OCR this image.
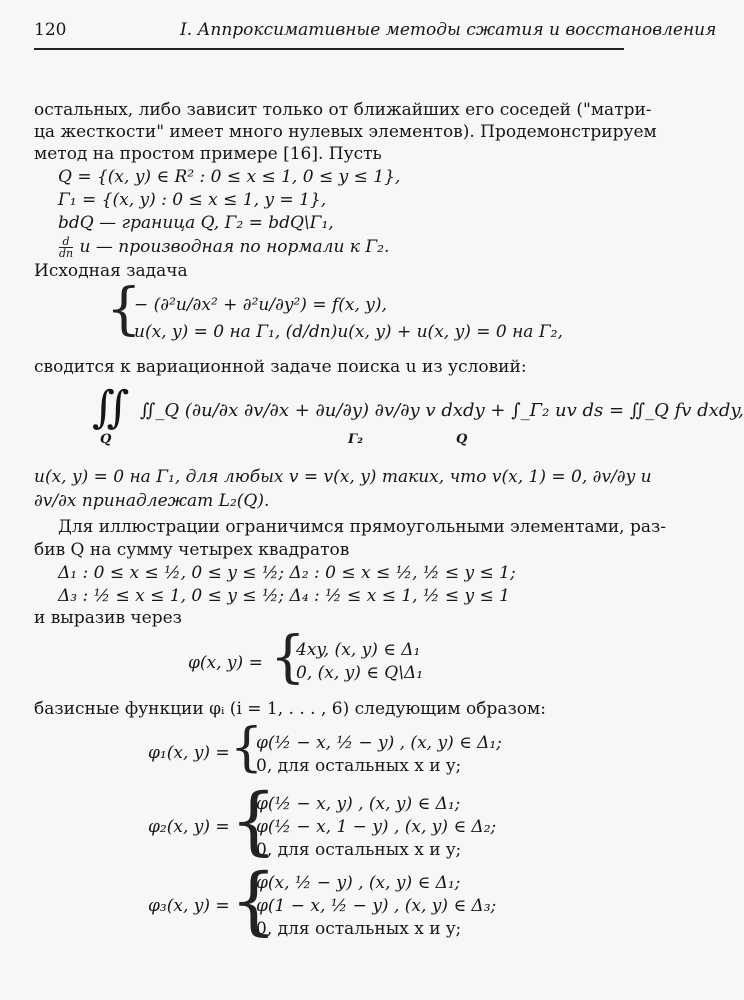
120	I. Аппроксимативные методы сжатия и восстановления
остальных, либо зависит только от ближайших его соседей ("матри-
ца жесткости" имеет много нулевых элементов). Продемонстрируем
метод на простом примере [16]. Пусть
Q = {(x, y) ∈ R² : 0 ≤ x ≤ 1, 0 ≤ y ≤ 1},
Γ₁ = {(x, y) : 0 ≤ x ≤ 1, y = 1},
bdQ — граница Q, Γ₂ = bdQ\Γ₁,
$\frac{d}{dn}$ u — производная по нормали к Γ₂.
Исходная задача
{
− (∂²u/∂x² + ∂²u/∂y²) = f(x, y),
u(x, y) = 0 на Γ₁, (d/dn)u(x, y) + u(x, y) = 0 на Γ₂,
сводится к вариационной задаче поиска u из условий:
∬
Q
∬_Q (∂u/∂x ∂v/∂x + ∂u/∂y) ∂v/∂y v dxdy + ∫_Γ₂ uv ds = ∬_Q fv dxdy,
Γ₂	Q
u(x, y) = 0 на Γ₁, для любых v = v(x, y) таких, что v(x, 1) = 0, ∂v/∂y и
∂v/∂x принадлежат L₂(Q).
Для иллюстрации ограничимся прямоугольными элементами, раз-
бив Q на сумму четырех квадратов
Δ₁ : 0 ≤ x ≤ ½, 0 ≤ y ≤ ½; Δ₂ : 0 ≤ x ≤ ½, ½ ≤ y ≤ 1;
Δ₃ : ½ ≤ x ≤ 1, 0 ≤ y ≤ ½; Δ₄ : ½ ≤ x ≤ 1, ½ ≤ y ≤ 1
и выразив через
φ(x, y) = {
4xy, (x, y) ∈ Δ₁
0, (x, y) ∈ Q\Δ₁
базисные функции φᵢ (i = 1, . . . , 6) следующим образом:
φ₁(x, y) = {
φ(½ − x, ½ − y) , (x, y) ∈ Δ₁;
0, для остальных x и y;
φ₂(x, y) = {
φ(½ − x, y) , (x, y) ∈ Δ₁;
φ(½ − x, 1 − y) , (x, y) ∈ Δ₂;
0, для остальных x и y;
φ₃(x, y) = {
φ(x, ½ − y) , (x, y) ∈ Δ₁;
φ(1 − x, ½ − y) , (x, y) ∈ Δ₃;
0, для остальных x и y;
